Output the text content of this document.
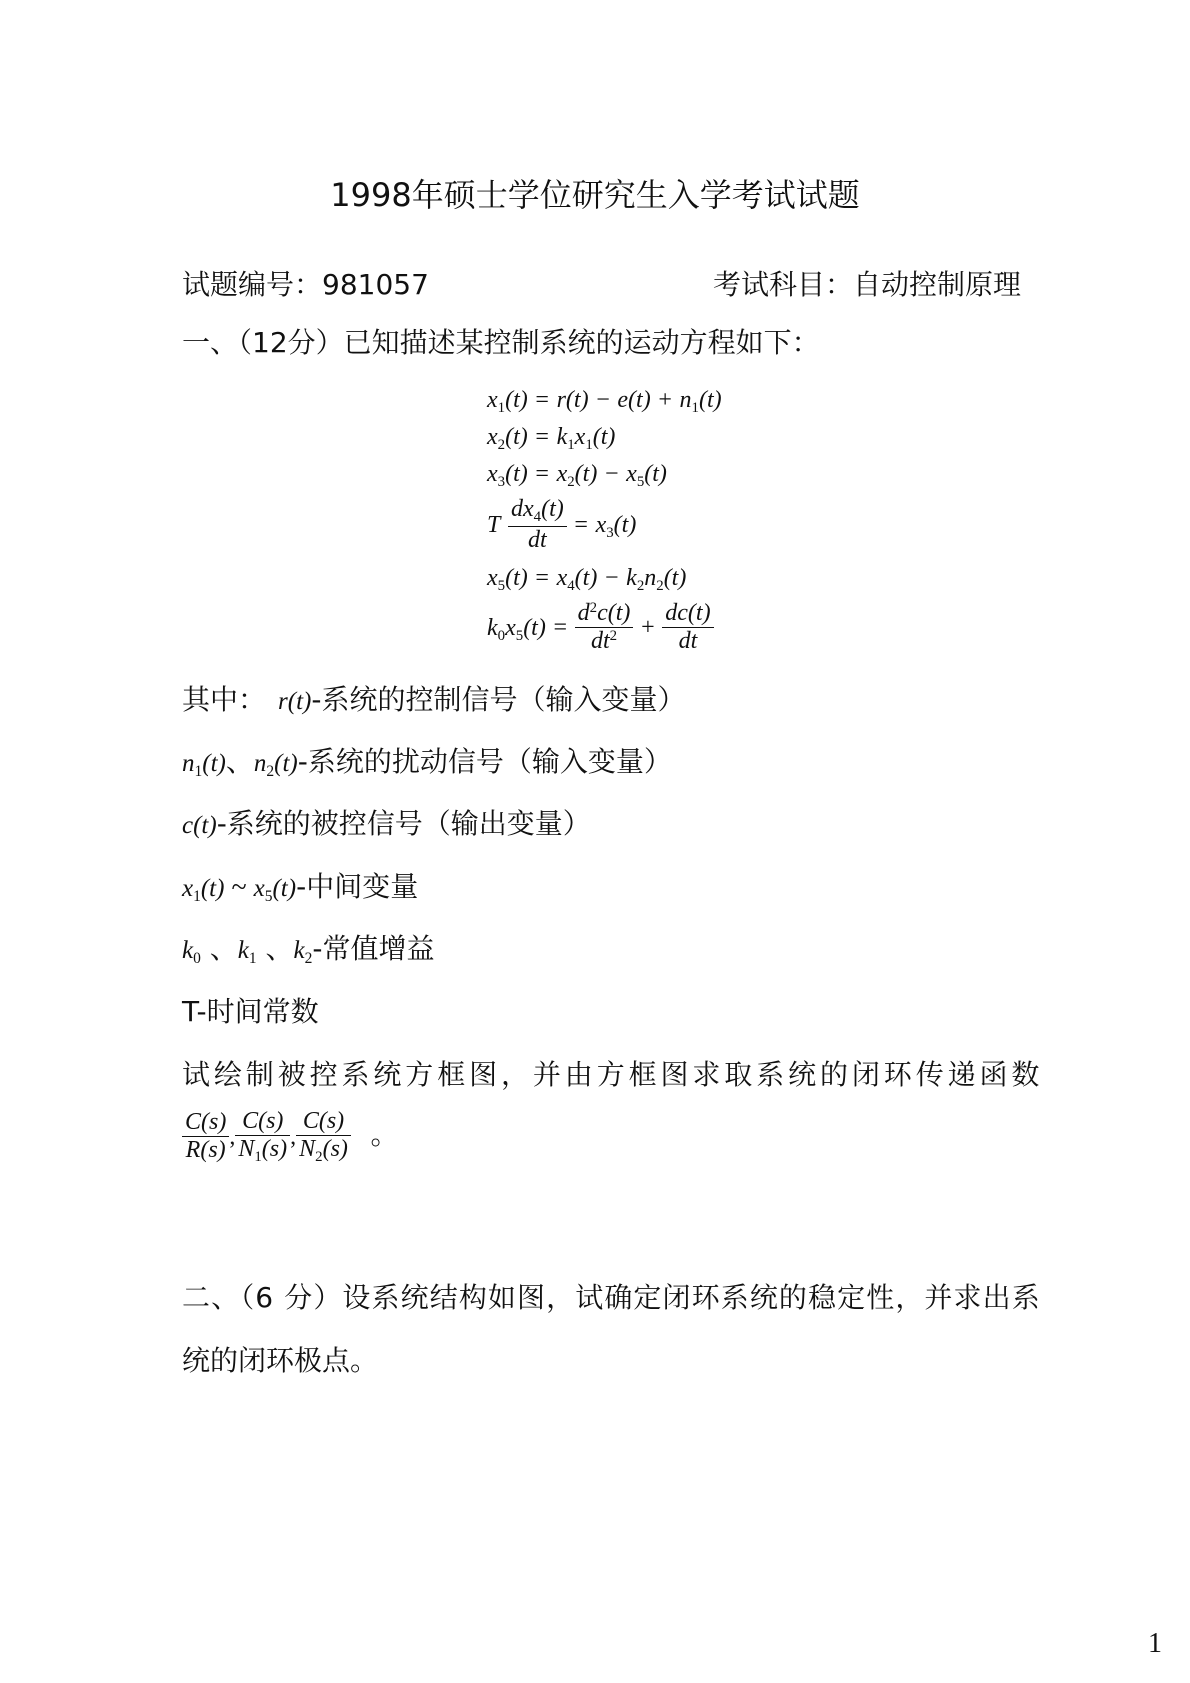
1998年硕士学位研究生入学考试试题
试题编号：981057	考试科目：自动控制原理
一、（12分）已知描述某控制系统的运动方程如下：
$x_1(t) = r(t) - e(t) + n_1(t)$
$x_2(t) = k_1x_1(t)$
$x_3(t) = x_2(t) - x_5(t)$
T $\frac{dx_4(t)}{dt} = x_3(t)$
$x_5(t) = x_4(t) - k_2n_2(t)$
$k_0x_5(t) = \frac{d^2c(t)}{dt^2} + \frac{dc(t)}{dt}$
其中： r(t)-系统的控制信号（输入变量）
$n_1(t)$、$n_2(t)-$系统的扰动信号（输入变量）
c(t)-系统的被控信号（输出变量）
$x_1(t)$ ~ $x_5(t)-$中间变量
$k_0$ 、$k_1$ 、$k_2-$常值增益
T-时间常数
试绘制被控系统方框图，并由方框图求取系统的闭环传递函数
$\frac{C(s)}{R(s)}$ , $\frac{C(s)}{N_1(s)}$ , $\frac{C(s)}{N_2(s)}$ 。
二、（6 分）设系统结构如图，试确定闭环系统的稳定性，并求出系
统的闭环极点。
1
